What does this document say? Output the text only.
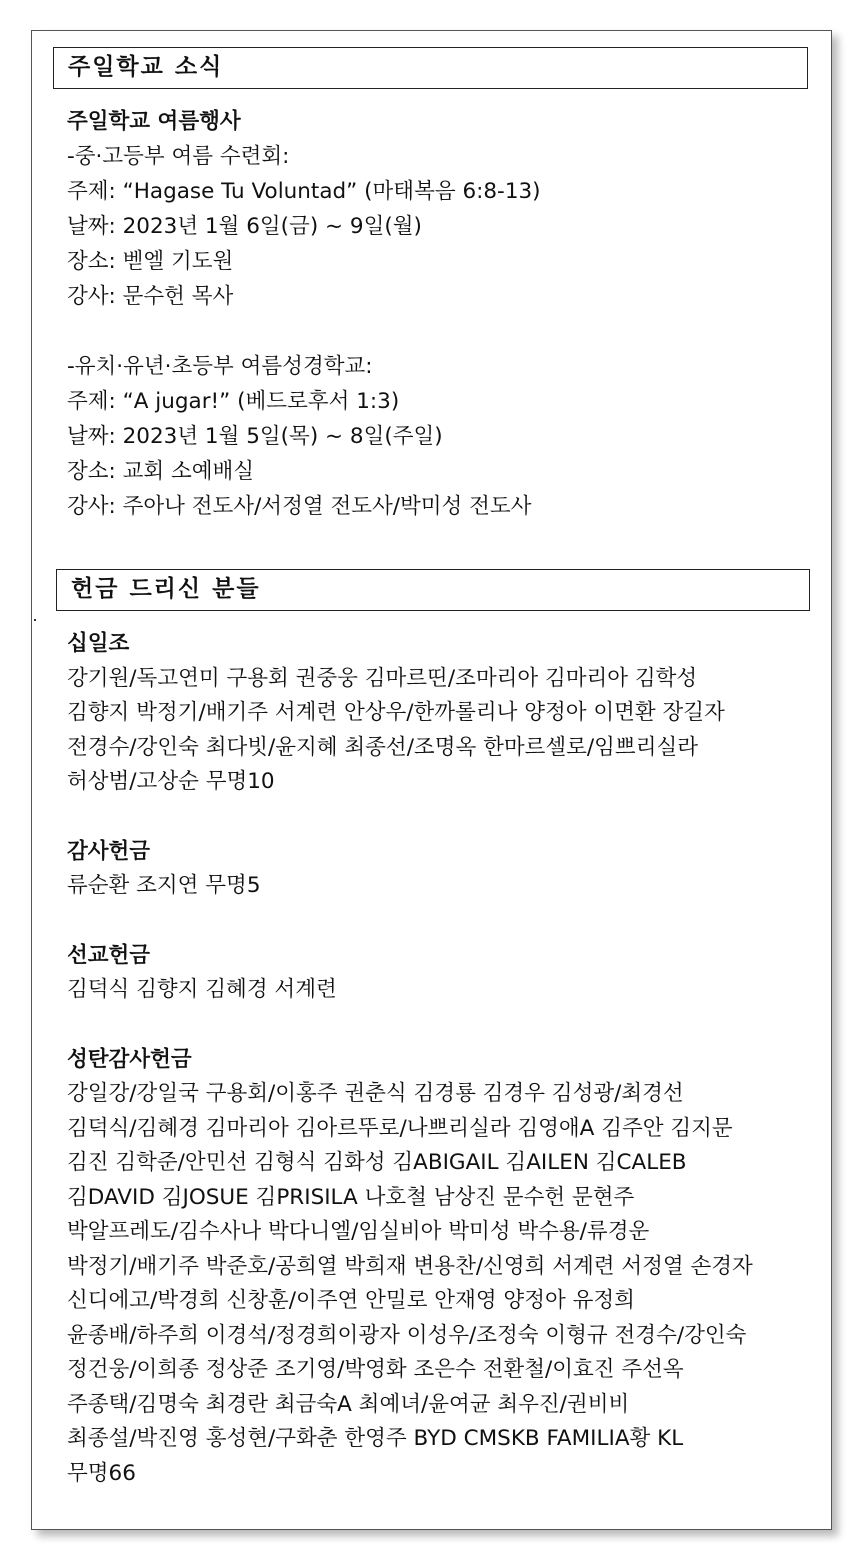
주일학교 소식
주일학교 여름행사
-중·고등부 여름 수련회:
주제: “Hagase Tu Voluntad” (마태복음 6:8-13)
날짜: 2023년 1월 6일(금) ~ 9일(월)
장소: 벧엘 기도원
강사: 문수헌 목사
-유치·유년·초등부 여름성경학교:
주제: “A jugar!” (베드로후서 1:3)
날짜: 2023년 1월 5일(목) ~ 8일(주일)
장소: 교회 소예배실
강사: 주아나 전도사/서정열 전도사/박미성 전도사
헌금 드리신 분들
십일조
강기원/독고연미 구용회 권중웅 김마르띤/조마리아 김마리아 김학성
김향지 박정기/배기주 서계련 안상우/한까롤리나 양정아 이면환 장길자
전경수/강인숙 최다빗/윤지혜 최종선/조명옥 한마르셀로/임쁘리실라
허상범/고상순 무명10
감사헌금
류순환 조지연 무명5
선교헌금
김덕식 김향지 김혜경 서계련
성탄감사헌금
강일강/강일국 구용회/이홍주 권춘식 김경룡 김경우 김성광/최경선
김덕식/김혜경 김마리아 김아르뚜로/나쁘리실라 김영애A 김주안 김지문
김진 김학준/안민선 김형식 김화성 김ABIGAIL 김AILEN 김CALEB
김DAVID 김JOSUE 김PRISILA 나호철 남상진 문수헌 문현주
박알프레도/김수사나 박다니엘/임실비아 박미성 박수용/류경운
박정기/배기주 박준호/공희열 박희재 변용찬/신영희 서계련 서정열 손경자
신디에고/박경희 신창훈/이주연 안밀로 안재영 양정아 유정희
윤종배/하주희 이경석/정경희이광자 이성우/조정숙 이형규 전경수/강인숙
정건웅/이희종 정상준 조기영/박영화 조은수 전환철/이효진 주선옥
주종택/김명숙 최경란 최금숙A 최예녀/윤여균 최우진/권비비
최종설/박진영 홍성현/구화춘 한영주 BYD CMSKB FAMILIA황 KL
무명66
